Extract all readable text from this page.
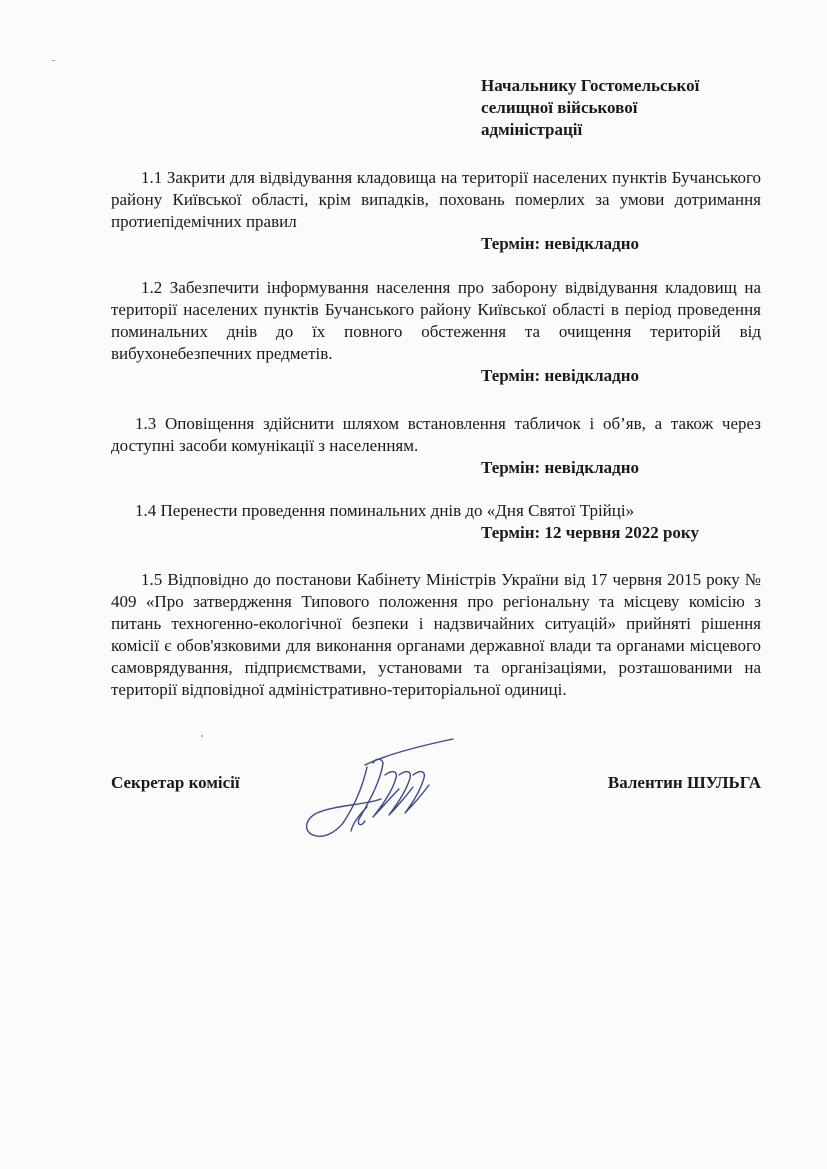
Начальнику Гостомельської
селищної військової
адміністрації
1.1 Закрити для відвідування кладовища на території населених пунктів Бучанського району Київської області, крім випадків, поховань померлих за умови дотримання протиепідемічних правил
Термін: невідкладно
1.2 Забезпечити інформування населення про заборону відвідування кладовищ на території населених пунктів Бучанського району Київської області в період проведення поминальних днів до їх повного обстеження та очищення територій від вибухонебезпечних предметів.
Термін: невідкладно
1.3 Оповіщення здійснити шляхом встановлення табличок і об’яв, а також через доступні засоби комунікації з населенням.
Термін: невідкладно
1.4 Перенести проведення поминальних днів до «Дня Святої Трійці»
Термін: 12 червня 2022 року
1.5 Відповідно до постанови Кабінету Міністрів України від 17 червня 2015 року № 409 «Про затвердження Типового положення про регіональну та місцеву комісію з питань техногенно-екологічної безпеки і надзвичайних ситуацій» прийняті рішення комісії є обов'язковими для виконання органами державної влади та органами місцевого самоврядування, підприємствами, установами та організаціями, розташованими на території відповідної адміністративно-територіальної одиниці.
Секретар комісії	Валентин ШУЛЬГА
